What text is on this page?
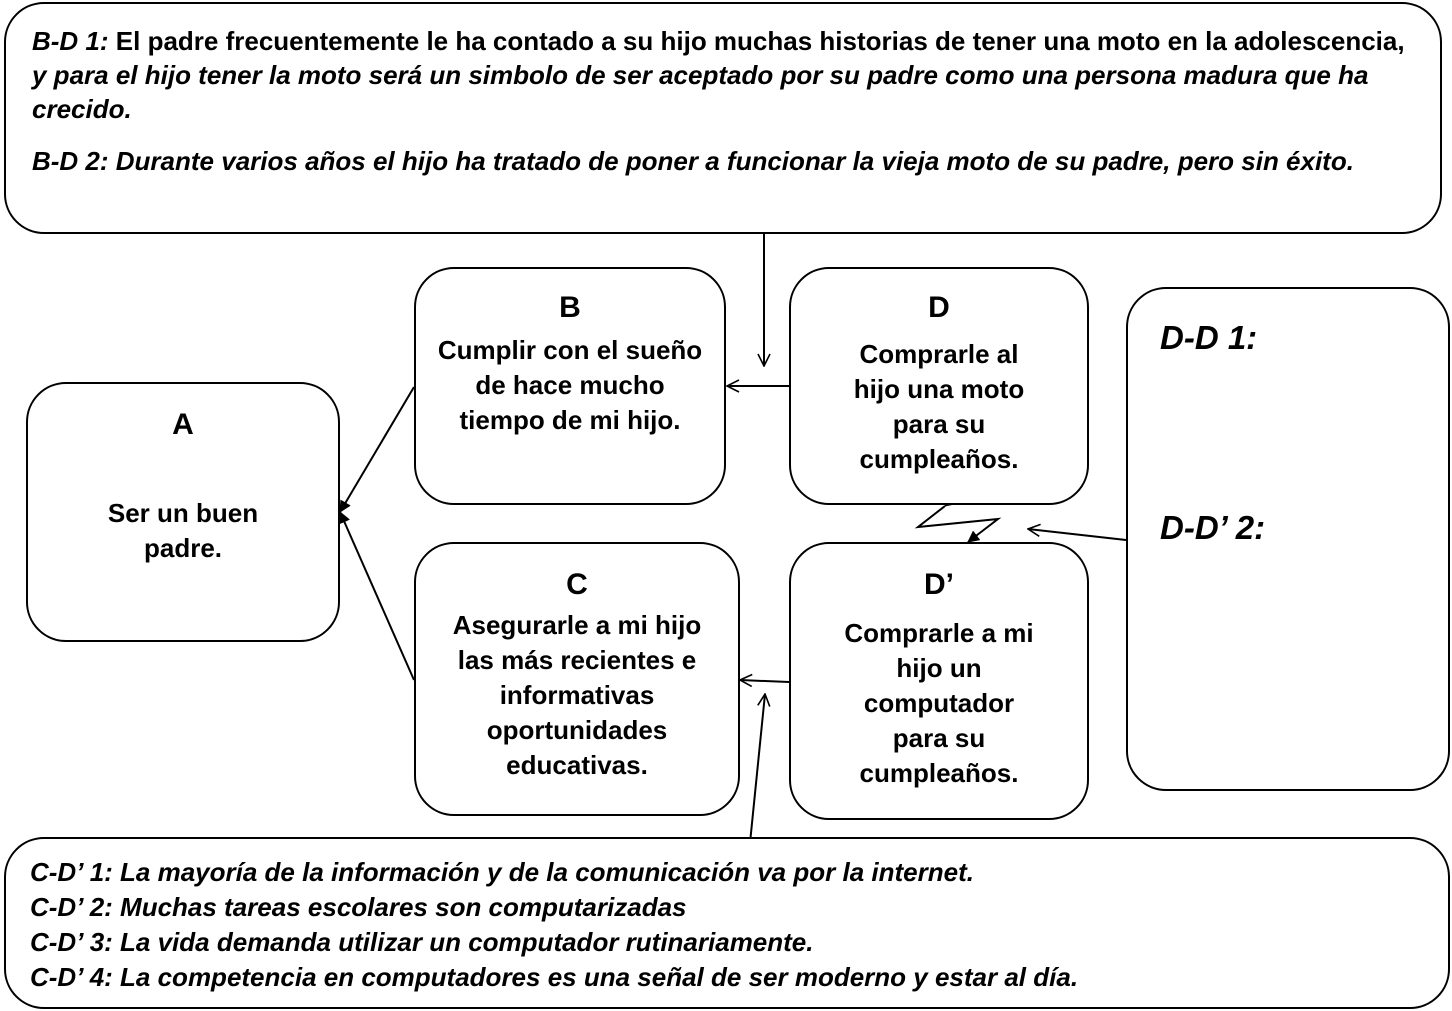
B-D 1: El padre frecuentemente le ha contado a su hijo muchas historias de tener una moto en la adolescencia, y para el hijo tener la moto será un simbolo de ser aceptado por su padre como una persona madura que ha crecido.

B-D 2: Durante varios años el hijo ha tratado de poner a funcionar la vieja moto de su padre, pero sin éxito.

A
Ser un buen padre.
B
Cumplir con el sueño de hace mucho tiempo de mi hijo.
C
Asegurarle a mi hijo las más recientes e informativas oportunidades educativas.
D
Comprarle al hijo una moto para su cumpleaños.
D’
Comprarle a mi hijo un computador para su cumpleaños.

D-D 1:

D-D’ 2:

C-D’ 1: La mayoría de la información y de la comunicación va por la internet.

C-D’ 2: Muchas tareas escolares son computarizadas

C-D’ 3: La vida demanda utilizar un computador rutinariamente.

C-D’ 4: La competencia en computadores es una señal de ser moderno y estar al día.
